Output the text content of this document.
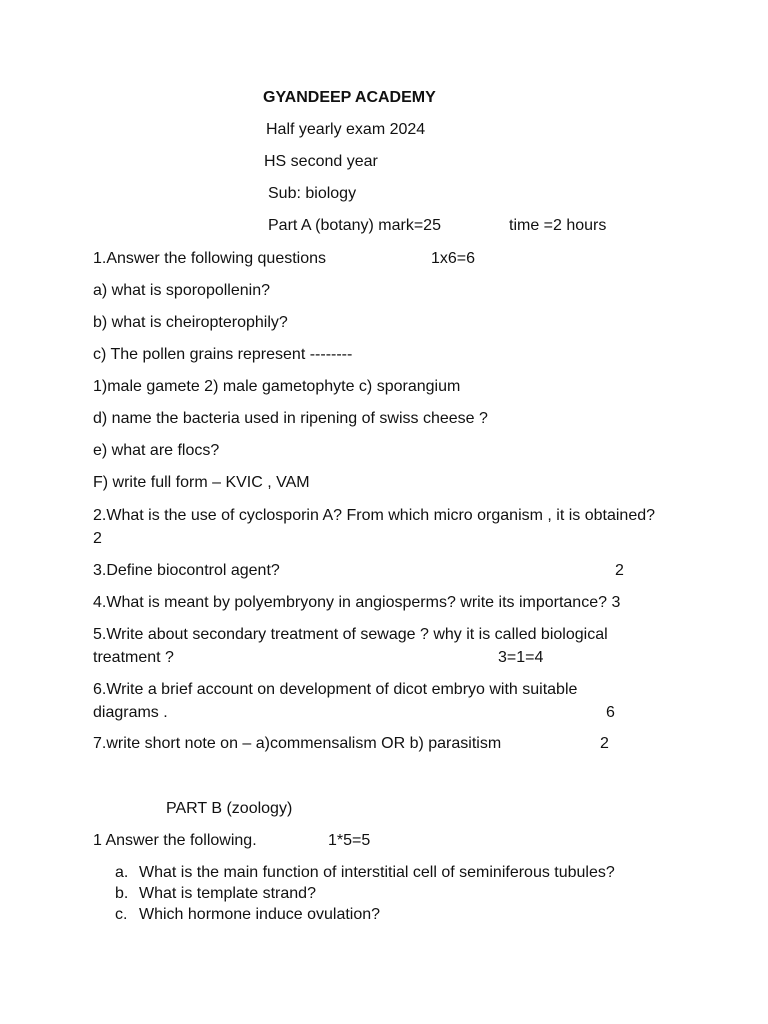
GYANDEEP ACADEMY
Half yearly exam 2024
HS second year
Sub: biology
Part A (botany) mark=25	time =2 hours
1.Answer the following questions	1x6=6
a) what is sporopollenin?
b) what is cheiropterophily?
c) The pollen grains represent --------
1)male gamete 2) male gametophyte c) sporangium
d) name the bacteria used in ripening of swiss cheese ?
e) what are flocs?
F) write full form – KVIC , VAM
2.What is the use of cyclosporin A? From which micro organism , it is obtained?
2
3.Define biocontrol agent?	2
4.What is meant by polyembryony in angiosperms? write its importance? 3
5.Write about secondary treatment of sewage ? why it is called biological
treatment ?	3=1=4
6.Write a brief account on development of dicot embryo with suitable
diagrams .	6
7.write short note on – a)commensalism OR b) parasitism	2
PART B (zoology)
1 Answer the following.	1*5=5
a. What is the main function of interstitial cell of seminiferous tubules?
b. What is template strand?
c. Which hormone induce ovulation?
